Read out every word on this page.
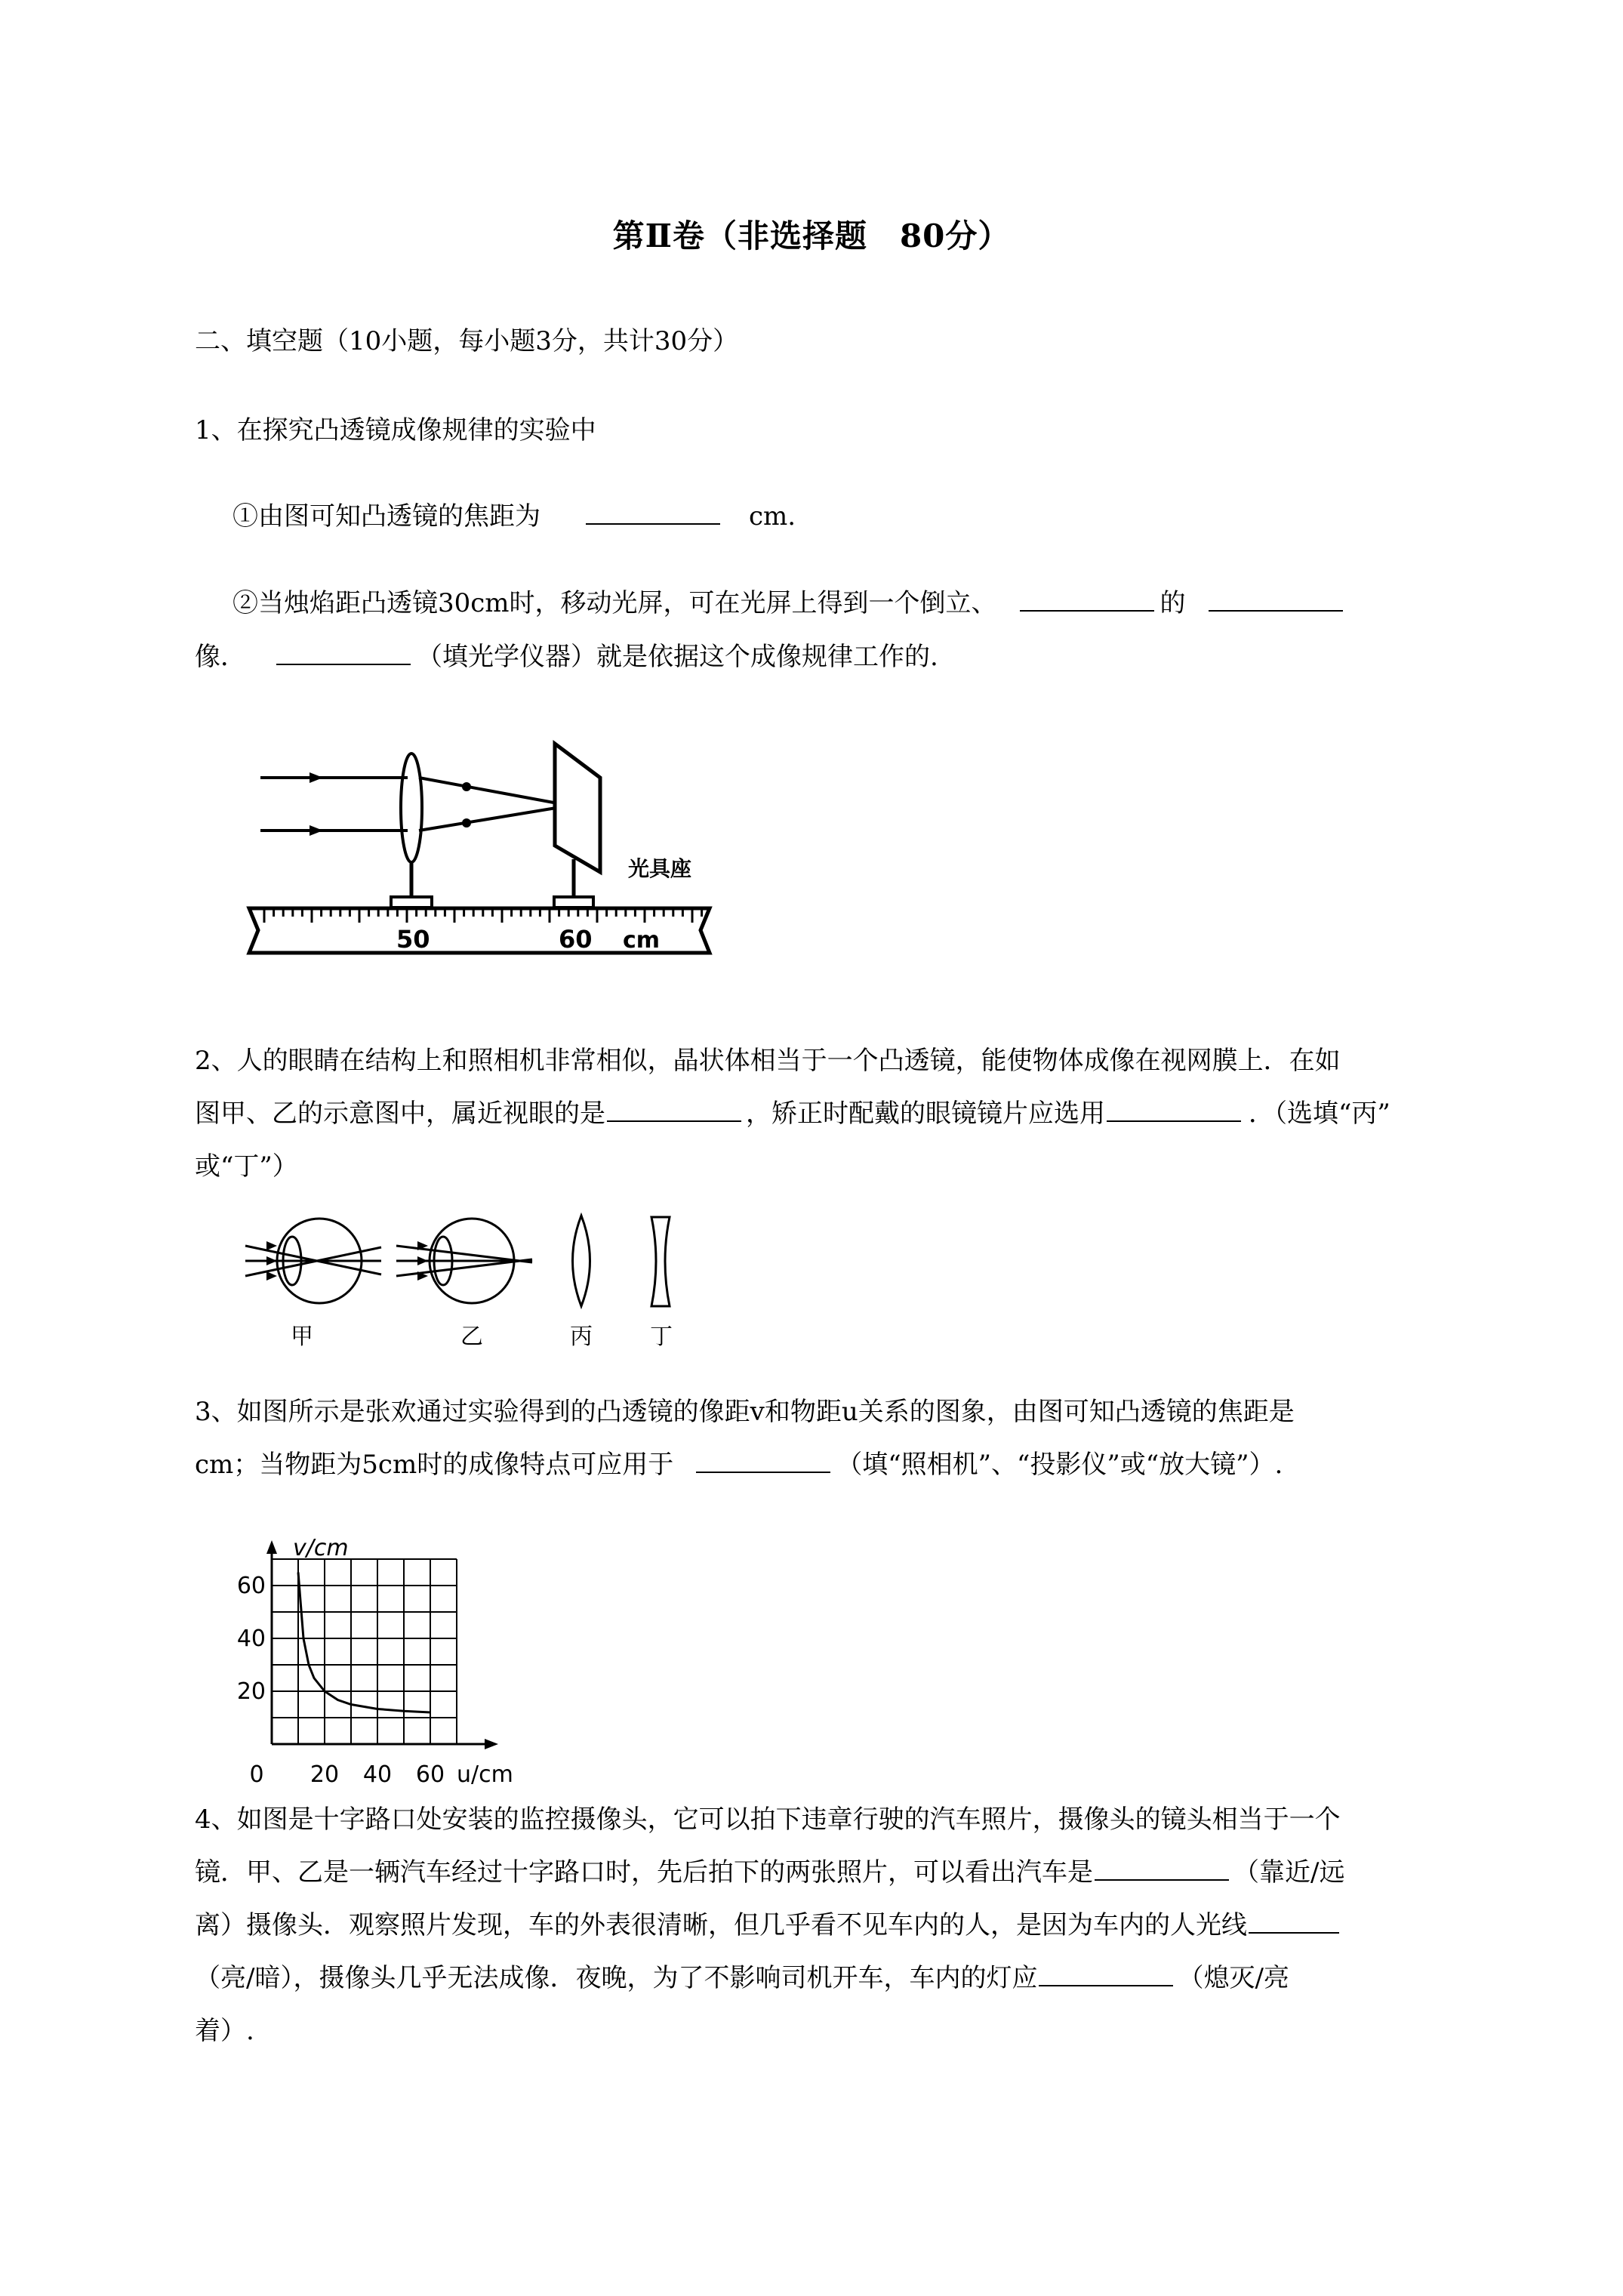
第Ⅱ卷（非选择题　80分）
二、填空题（10小题，每小题3分，共计30分）
1、在探究凸透镜成像规律的实验中
①由图可知凸透镜的焦距为	cm.
②当烛焰距凸透镜30cm时，移动光屏，可在光屏上得到一个倒立、	的
像．	（填光学仪器）就是依据这个成像规律工作的.
光具座
50	60 cm
2、人的眼睛在结构上和照相机非常相似，晶状体相当于一个凸透镜，能使物体成像在视网膜上．在如
图甲、乙的示意图中，属近视眼的是	，矫正时配戴的眼镜镜片应选用	．（选填“丙”
或“丁”）
甲	乙	丙	丁
3、如图所示是张欢通过实验得到的凸透镜的像距v和物距u关系的图象，由图可知凸透镜的焦距是
cm；当物距为5cm时的成像特点可应用于	（填“照相机”、“投影仪”或“放大镜”）.
v/cm
u/cm
20
40
60
0 20 40 60
4、如图是十字路口处安装的监控摄像头，它可以拍下违章行驶的汽车照片，摄像头的镜头相当于一个
镜．甲、乙是一辆汽车经过十字路口时，先后拍下的两张照片，可以看出汽车是	（靠近/远
离）摄像头．观察照片发现，车的外表很清晰，但几乎看不见车内的人，是因为车内的人光线
（亮/暗），摄像头几乎无法成像．夜晚，为了不影响司机开车，车内的灯应	（熄灭/亮
着）.
